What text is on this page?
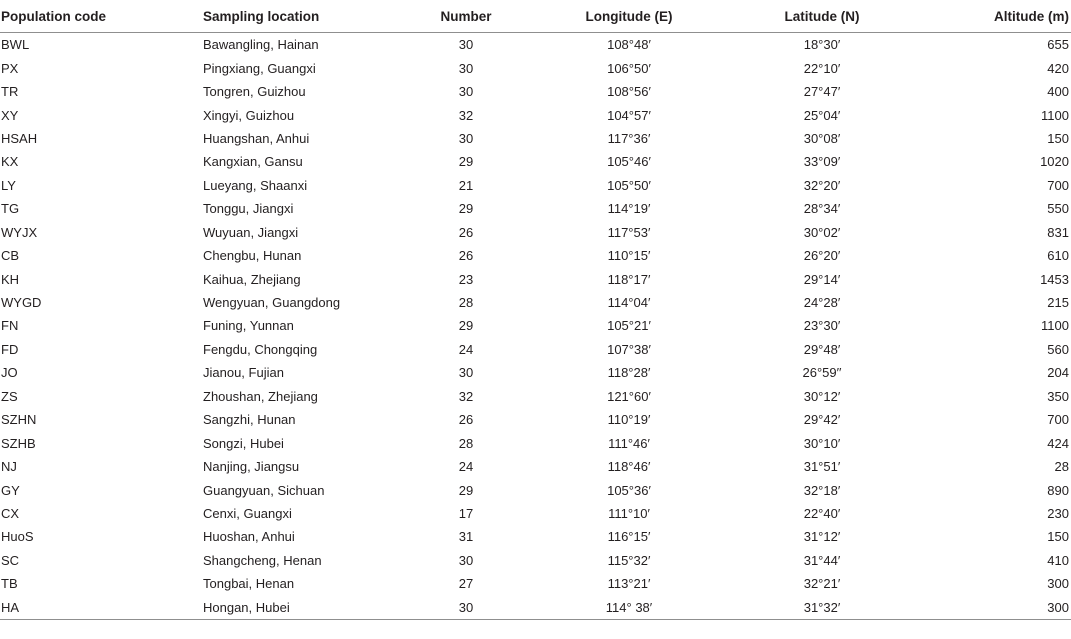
Population code	Sampling location	Number	Longitude (E)	Latitude (N)	Altitude (m)
BWL	Bawangling, Hainan	30	108°48′	18°30′	655
PX	Pingxiang, Guangxi	30	106°50′	22°10′	420
TR	Tongren, Guizhou	30	108°56′	27°47′	400
XY	Xingyi, Guizhou	32	104°57′	25°04′	1100
HSAH	Huangshan, Anhui	30	117°36′	30°08′	150
KX	Kangxian, Gansu	29	105°46′	33°09′	1020
LY	Lueyang, Shaanxi	21	105°50′	32°20′	700
TG	Tonggu, Jiangxi	29	114°19′	28°34′	550
WYJX	Wuyuan, Jiangxi	26	117°53′	30°02′	831
CB	Chengbu, Hunan	26	110°15′	26°20′	610
KH	Kaihua, Zhejiang	23	118°17′	29°14′	1453
WYGD	Wengyuan, Guangdong	28	114°04′	24°28′	215
FN	Funing, Yunnan	29	105°21′	23°30′	1100
FD	Fengdu, Chongqing	24	107°38′	29°48′	560
JO	Jianou, Fujian	30	118°28′	26°59′′	204
ZS	Zhoushan, Zhejiang	32	121°60′	30°12′	350
SZHN	Sangzhi, Hunan	26	110°19′	29°42′	700
SZHB	Songzi, Hubei	28	111°46′	30°10′	424
NJ	Nanjing, Jiangsu	24	118°46′	31°51′	28
GY	Guangyuan, Sichuan	29	105°36′	32°18′	890
CX	Cenxi, Guangxi	17	111°10′	22°40′	230
HuoS	Huoshan, Anhui	31	116°15′	31°12′	150
SC	Shangcheng, Henan	30	115°32′	31°44′	410
TB	Tongbai, Henan	27	113°21′	32°21′	300
HA	Hongan, Hubei	30	114° 38′	31°32′	300
